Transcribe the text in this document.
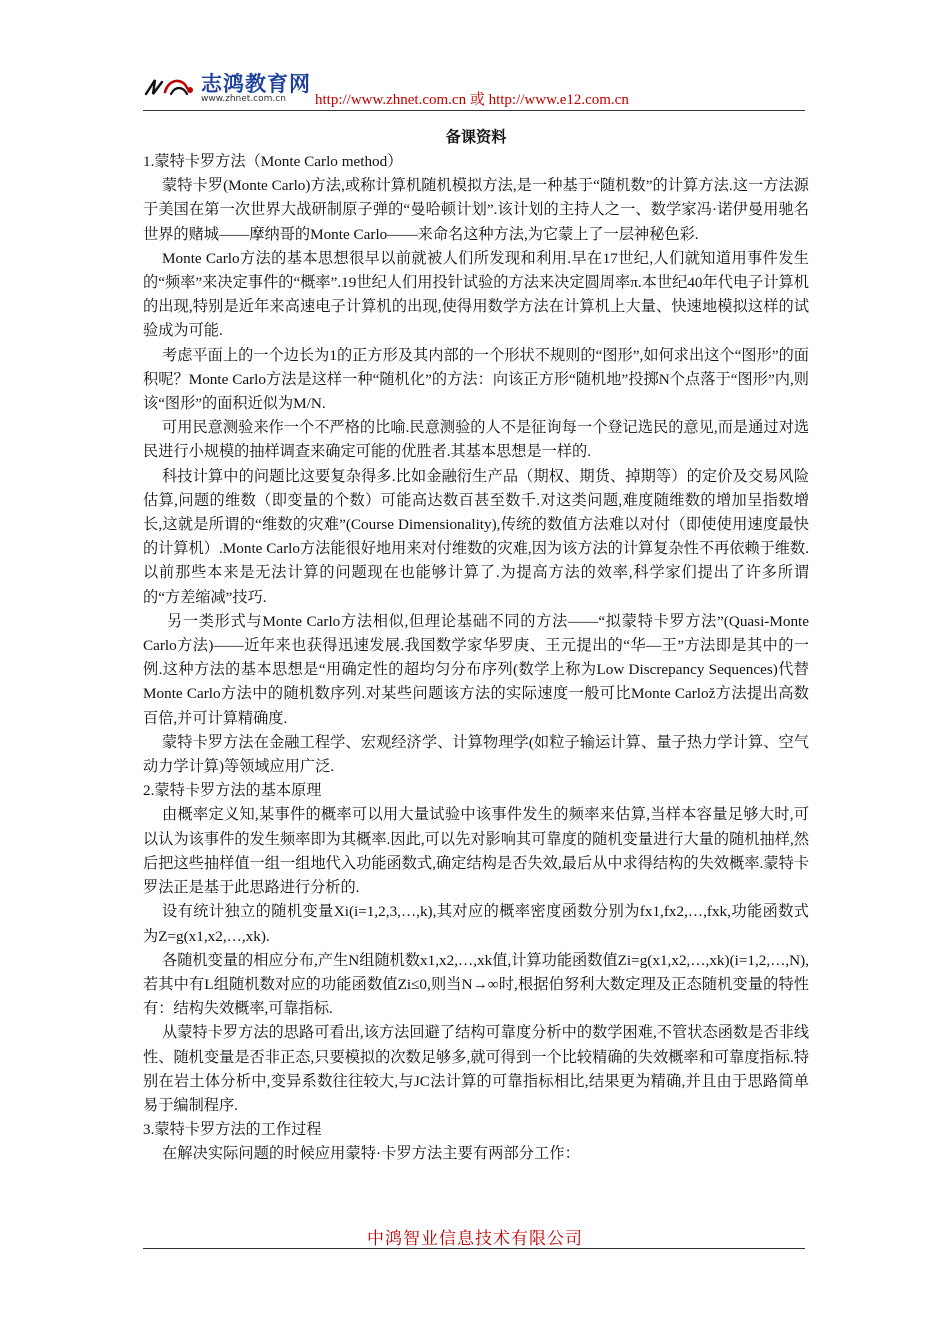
志鸿教育网
www.zhnet.com.cn http://www.zhnet.com.cn 或 http://www.e12.com.cn

备课资料

1.蒙特卡罗方法（Monte Carlo method）

蒙特卡罗(Monte Carlo)方法,或称计算机随机模拟方法,是一种基于“随机数”的计算方法.这一方法源于美国在第一次世界大战研制原子弹的“曼哈顿计划”.该计划的主持人之一、数学家冯·诺伊曼用驰名世界的赌城——摩纳哥的Monte Carlo——来命名这种方法,为它蒙上了一层神秘色彩.

Monte Carlo方法的基本思想很早以前就被人们所发现和利用.早在17世纪,人们就知道用事件发生的“频率”来决定事件的“概率”.19世纪人们用投针试验的方法来决定圆周率π.本世纪40年代电子计算机的出现,特别是近年来高速电子计算机的出现,使得用数学方法在计算机上大量、快速地模拟这样的试验成为可能.

考虑平面上的一个边长为1的正方形及其内部的一个形状不规则的“图形”,如何求出这个“图形”的面积呢？Monte Carlo方法是这样一种“随机化”的方法：向该正方形“随机地”投掷N个点落于“图形”内,则该“图形”的面积近似为M/N.

可用民意测验来作一个不严格的比喻.民意测验的人不是征询每一个登记选民的意见,而是通过对选民进行小规模的抽样调查来确定可能的优胜者.其基本思想是一样的.

科技计算中的问题比这要复杂得多.比如金融衍生产品（期权、期货、掉期等）的定价及交易风险估算,问题的维数（即变量的个数）可能高达数百甚至数千.对这类问题,难度随维数的增加呈指数增长,这就是所谓的“维数的灾难”(Course Dimensionality),传统的数值方法难以对付（即使使用速度最快的计算机）.Monte Carlo方法能很好地用来对付维数的灾难,因为该方法的计算复杂性不再依赖于维数.以前那些本来是无法计算的问题现在也能够计算了.为提高方法的效率,科学家们提出了许多所谓的“方差缩减”技巧.

另一类形式与Monte Carlo方法相似,但理论基础不同的方法——“拟蒙特卡罗方法”(Quasi-Monte Carlo方法)——近年来也获得迅速发展.我国数学家华罗庚、王元提出的“华—王”方法即是其中的一例.这种方法的基本思想是“用确定性的超均匀分布序列(数学上称为Low Discrepancy Sequences)代替Monte Carlo方法中的随机数序列.对某些问题该方法的实际速度一般可比Monte Carlož方法提出高数百倍,并可计算精确度.

蒙特卡罗方法在金融工程学、宏观经济学、计算物理学(如粒子输运计算、量子热力学计算、空气动力学计算)等领域应用广泛.

2.蒙特卡罗方法的基本原理

由概率定义知,某事件的概率可以用大量试验中该事件发生的频率来估算,当样本容量足够大时,可以认为该事件的发生频率即为其概率.因此,可以先对影响其可靠度的随机变量进行大量的随机抽样,然后把这些抽样值一组一组地代入功能函数式,确定结构是否失效,最后从中求得结构的失效概率.蒙特卡罗法正是基于此思路进行分析的.

设有统计独立的随机变量Xi(i=1,2,3,…,k),其对应的概率密度函数分别为fx1,fx2,…,fxk,功能函数式为Z=g(x1,x2,…,xk).

各随机变量的相应分布,产生N组随机数x1,x2,…,xk值,计算功能函数值Zi=g(x1,x2,…,xk)(i=1,2,…,N),若其中有L组随机数对应的功能函数值Zi≤0,则当N→∞时,根据伯努利大数定理及正态随机变量的特性有：结构失效概率,可靠指标.

从蒙特卡罗方法的思路可看出,该方法回避了结构可靠度分析中的数学困难,不管状态函数是否非线性、随机变量是否非正态,只要模拟的次数足够多,就可得到一个比较精确的失效概率和可靠度指标.特别在岩土体分析中,变异系数往往较大,与JC法计算的可靠指标相比,结果更为精确,并且由于思路简单易于编制程序.

3.蒙特卡罗方法的工作过程

在解决实际问题的时候应用蒙特·卡罗方法主要有两部分工作：

中鸿智业信息技术有限公司
